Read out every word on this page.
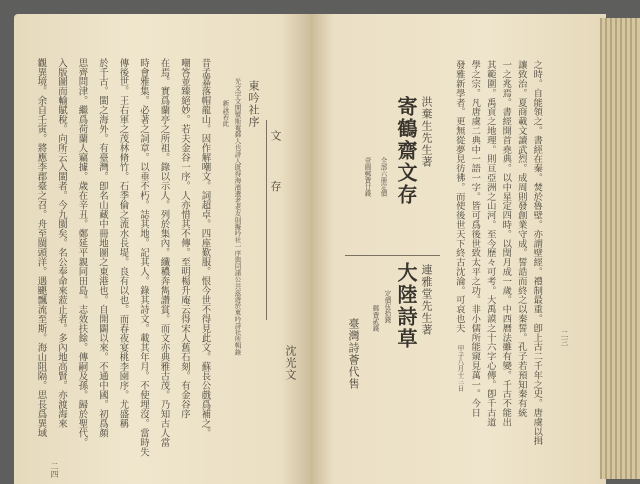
文 存
東吟社序
沈光文
光文字文開號斯菴鄞人也詩人既得海濱遺老老友則擬吟社一序與同諸公共茲遊於東吟詩社所輯錄
新詠若此
二四
洪棄生先生著
寄鶴齋文存
全部六册定價
壹圓郵費廿錢
連雅堂先生著
大陸詩草
定價伍拾錢
郵費貳錢
臺灣詩薈代售	甲子八月十三日
二三
昔孟嘉落帽龍山。因作解嘲文。詞超卓。四座歎服。恨今世不得見此文。蘇長公戲爲補之。
嘲答並臻絕妙。若夫金谷一序。人亦惜其不傳。至明楊升庵云得宋人舊石刻。有金谷序
在焉。實爲蘭亭之所祖。錄以示人。列於集內。纖穠奔雋讚賞。而文亦典雅古茂。乃知古人當
時會雅集。必著之詞章。以垂不朽。誌其地。記其人。錄其詩文。載其年月。不使埋沒。當時失
傳後世。王右軍之茂林脩竹。石季倫之流水長堤。良有以也。而春夜宴桃李園序。尤盛稱
於千古。閩之海外。有臺灣。卽名山藏中冊地圖之東港也。自開闢以來。不通中國。初爲顏
思齊問津。繼爲荷蘭人竊據。歲在辛丑。鄭延平親同田島。志效扶餘。傳嗣及孫。歸於聖代。
入版圖而輸賦稅。向所云入閩者。今九閩矣。名公奉命來蒞止者。多內地高賢。亦渡海來
觀異境。余自壬寅。將應李郡臺之召。舟至閩頭洋。遇颶飄流至斯。海山阻隔。思長爲異域	之時。自能領之。書經在秦。焚於魯壁。亦謂壁經。禮制最重。卽上古二千年之史。唐虞以揖
讓致治。夏商載文讀武烈。成周則發創業守成。誓誥而終之以秦誓。孔子若預知秦有統
一之兆焉。書經開首堯典。以中星定四時。以閏月成一歲。中西曆法雖有變。千古不能出
其範圍。禹貢之地理。則亘亞洲之山河。至今歷々可考。大禹謨之十六字心傳。卽千古道
學之宗。凡唐虞二典中一語一字。皆可爲後世致太平之功。非小儒所能窺見萬一。今日
發雅新學者。更無從夢見彷彿。而使後世天下終古沈淪。可哀也夫
